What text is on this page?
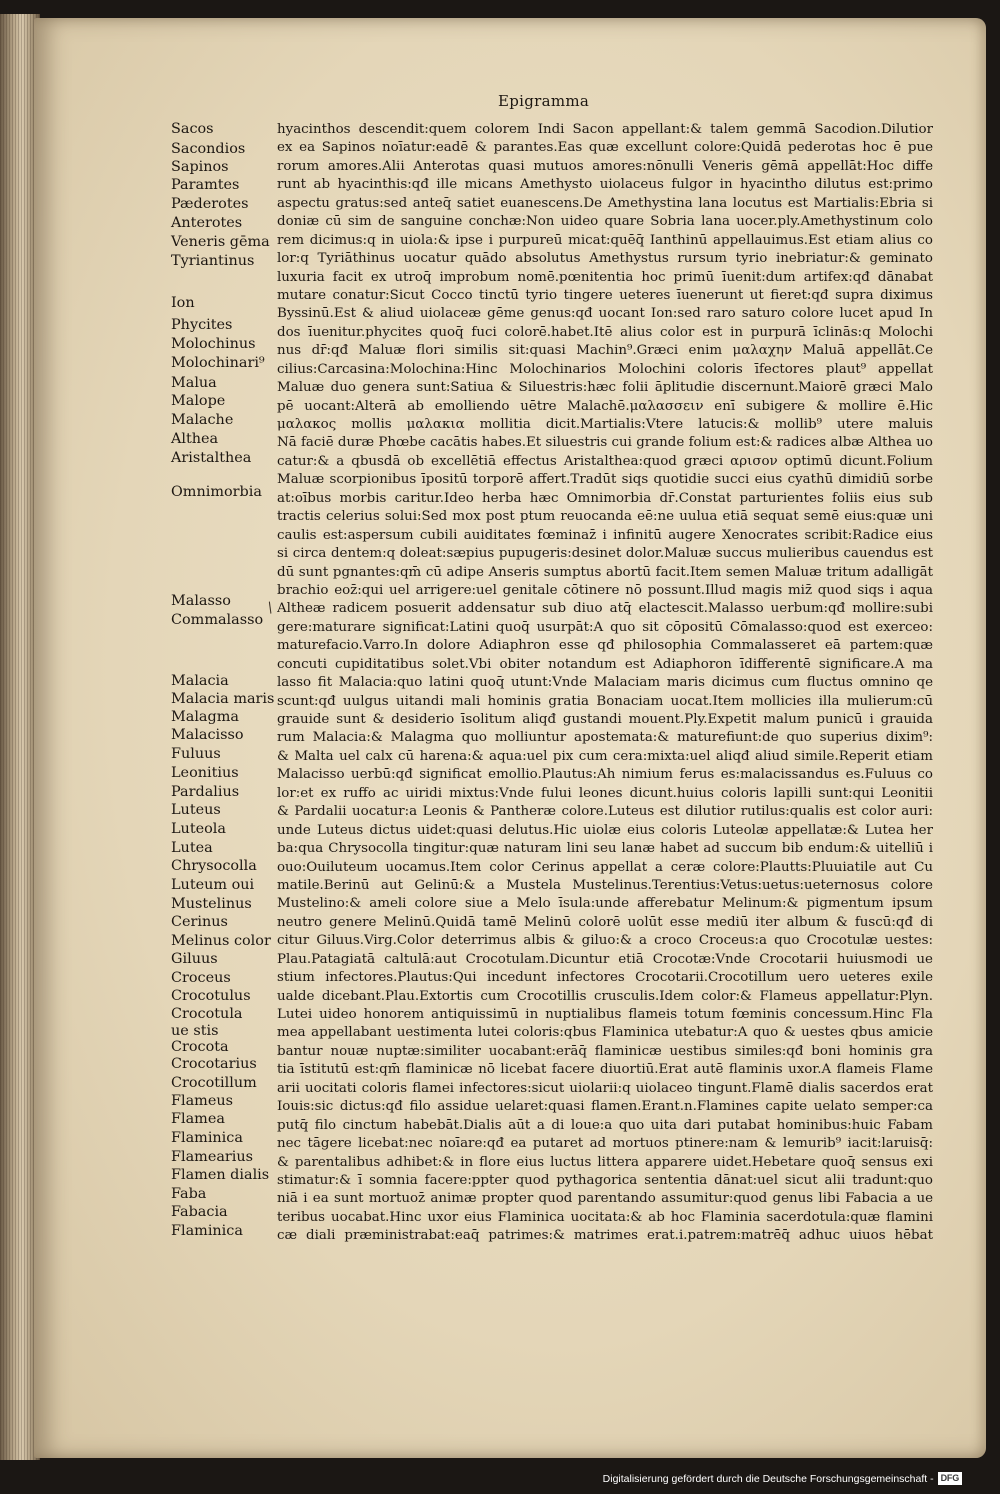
Epigramma
Sacos
Sacondios
Sapinos
Paramtes
Pæderotes
Anterotes
Veneris gēma
Tyriantinus
Ion
Phycites
Molochinus
Molochinari⁹
Malua
Malope
Malache
Althea
Aristalthea
Omnimorbia
Malasso
Commalasso
Malacia
Malacia maris
Malagma
Malacisso
Fuluus
Leonitius
Pardalius
Luteus
Luteola
Lutea
Chrysocolla
Luteum oui
Mustelinus
Cerinus
Melinus color
Giluus
Croceus
Crocotulus
Crocotula ue stis
Crocota
Crocotarius
Crocotillum
Flameus
Flamea
Flaminica
Flamearius
Flamen dialis
Faba
Fabacia
Flaminica
/
hyacinthos descendit:quem colorem Indi Sacon appellant:& talem gemmā Sacodion.Dilutior
ex ea Sapinos noīatur:eadē & parantes.Eas quæ excellunt colore:Quidā pederotas hoc ē pue
rorum amores.Alii Anterotas quasi mutuos amores:nōnulli Veneris gēmā appellāt:Hoc diffe
runt ab hyacinthis:qđ ille micans Amethysto uiolaceus fulgor in hyacintho dilutus est:primo
aspectu gratus:sed anteq̄ satiet euanescens.De Amethystina lana locutus est Martialis:Ebria si
doniæ cū sim de sanguine conchæ:Non uideo quare Sobria lana uocer.ply.Amethystinum colo
rem dicimus:q in uiola:& ipse i purpureū micat:quēq̄ Ianthinū appellauimus.Est etiam alius co
lor:q Tyriāthinus uocatur quādo absolutus Amethystus rursum tyrio inebriatur:& geminato
luxuria facit ex utroq̄ improbum nomē.pœnitentia hoc primū īuenit:dum artifex:qđ dānabat
mutare conatur:Sicut Cocco tinctū tyrio tingere ueteres īuenerunt ut fieret:qđ supra diximus
Byssinū.Est & aliud uiolaceæ gēme genus:qđ uocant Ion:sed raro saturo colore lucet apud In
dos īuenitur.phycites quoq̄ fuci colorē.habet.Itē alius color est in purpurā īclinās:q Molochi
nus dr̄:qđ Maluæ flori similis sit:quasi Machin⁹.Græci enim μαλαχην Maluā appellāt.Ce
cilius:Carcasina:Molochina:Hinc Molochinarios Molochini coloris īfectores plaut⁹ appellat
Maluæ duo genera sunt:Satiua & Siluestris:hæc folii āplitudie discernunt.Maiorē græci Malo
pē uocant:Alterā ab emolliendo uētre Malachē.μαλασσειν enī subigere & mollire ē.Hic
μαλακος mollis μαλακια mollitia dicit.Martialis:Vtere latucis:& mollib⁹ utere maluis
Nā faciē duræ Phœbe cacātis habes.Et siluestris cui grande folium est:& radices albæ Althea uo
catur:& a qbusdā ob excellētiā effectus Aristalthea:quod græci αρισον optimū dicunt.Folium
Maluæ scorpionibus īpositū torporē affert.Tradūt siqs quotidie succi eius cyathū dimidiū sorbe
at:oībus morbis caritur.Ideo herba hæc Omnimorbia dr̄.Constat parturientes foliis eius sub
tractis celerius solui:Sed mox post ptum reuocanda eē:ne uulua etiā sequat̄ semē eius:quæ uni
caulis est:aspersum cubili auiditates fœminaz̄ i infinitū augere Xenocrates scribit:Radice eius
si circa dentem:q doleat:sæpius pupugeris:desinet dolor.Maluæ succus mulieribus cauendus est
dū sunt pgnantes:qm̄ cū adipe Anseris sumptus abortū facit.Item semen Maluæ tritum adalligāt
brachio eoz̄:qui uel arrigere:uel genitale cōtinere nō possunt.Illud magis miz̄ quod siqs i aqua
Altheæ radicem posuerit addensatur sub diuo atq̄ elactescit.Malasso uerbum:qđ mollire:subi
gere:maturare significat:Latini quoq̄ usurpāt:A quo sit cōpositū Cōmalasso:quod est exerceo:
maturefacio.Varro.In dolore Adiaphron esse qđ philosophia Commalasseret eā partem:quæ
concuti cupiditatibus solet.Vbi obiter notandum est Adiaphoron īdifferentē significare.A ma
lasso fit Malacia:quo latini quoq̄ utunt̄:Vnde Malaciam maris dicimus cum fluctus omnino qe
scunt:qđ uulgus uitandi mali hominis gratia Bonaciam uocat.Item mollicies illa mulierum:cū
grauide sunt & desiderio īsolitum aliqđ gustandi mouent̄.Ply.Expetit̄ malum punicū i grauida
rum Malacia:& Malagma quo molliuntur apostemata:& maturefiunt:de quo superius dixim⁹:
& Malta uel calx cū harena:& aqua:uel pix cum cera:mixta:uel aliqđ aliud simile.Reperit̄ etiam
Malacisso uerbū:qđ significat emollio.Plautus:Ah nimium ferus es:malacissandus es.Fuluus co
lor:et ex ruffo ac uiridi mixtus:Vnde fului leones dicunt̄.huius coloris lapilli sunt:qui Leonitii
& Pardalii uocatur:a Leonis & Pantheræ colore.Luteus est dilutior rutilus:qualis est color auri:
unde Luteus dictus uidet̄:quasi delutus.Hic uiolæ eius coloris Luteolæ appellatæ:& Lutea her
ba:qua Chrysocolla tingitur:quæ naturam lini seu lanæ habet ad succum bib endum:& uitelliū i
ouo:Ouiluteum uocamus.Item color Cerinus appellat̄ a ceræ colore:Plautts:Pluuiatile aut Cu
matile.Berinū aut Gelinū:& a Mustela Mustelinus.Terentius:Vetus:uetus:ueternosus colore
Mustelino:& ameli colore siue a Melo īsula:unde afferebatur Melinum:& pigmentum ipsum
neutro genere Melinū.Quidā tamē Melinū colorē uolūt esse mediū iter album & fuscū:qđ di
citur Giluus.Virg.Color deterrimus albis & giluo:& a croco Croceus:a quo Crocotulæ uestes:
Plau.Patagiatā caltulā:aut Crocotulam.Dicuntur etiā Crocotæ:Vnde Crocotarii huiusmodi ue
stium infectores.Plautus:Qui incedunt infectores Crocotarii.Crocotillum uero ueteres exile
ualde dicebant.Plau.Extortis cum Crocotillis crusculis.Idem color:& Flameus appellatur:Plyn.
Lutei uideo honorem antiquissimū in nuptialibus flameis totum fœminis concessum.Hinc Fla
mea appellabant uestimenta lutei coloris:qbus Flaminica utebatur:A quo & uestes qbus amicie
bantur nouæ nuptæ:similiter uocabant̄:erāq̄ flaminicæ uestibus similes:qđ boni hominis gra
tia īstitutū est:qm̄ flaminicæ nō licebat facere diuortiū.Erat autē flaminis uxor.A flameis Flame
arii uocitati coloris flamei infectores:sicut uiolarii:q uiolaceo tingunt.Flamē dialis sacerdos erat
Iouis:sic dictus:qđ filo assidue uelaret̄:quasi flamen.Erant.n.Flamines capite uelato semper:ca
putq̄ filo cinctum habebāt.Dialis aūt a di loue:a quo uita dari putabat hominibus:huic Fabam
nec tāgere licebat:nec noīare:qđ ea putaret̄ ad mortuos ptinere:nam & lemurib⁹ iacit̄:laruisq̄:
& parentalibus adhibet̄:& in flore eius luctus littera apparere uidet̄.Hebetare quoq̄ sensus exi
stimatur:& ī somnia facere:ppter quod pythagorica sententia dānat̄:uel sicut alii tradunt:quo
niā i ea sunt mortuoz̄ animæ propter quod parentando assumitur:quod genus libi Fabacia a ue
teribus uocabat̄.Hinc uxor eius Flaminica uocitata:& ab hoc Flaminia sacerdotula:quæ flamini
cæ diali præministrabat:eaq̄ patrimes:& matrimes erat.i.patrem:matrēq̄ adhuc uiuos hēbat
Digitalisierung gefördert durch die Deutsche Forschungsgemeinschaft - DFG
